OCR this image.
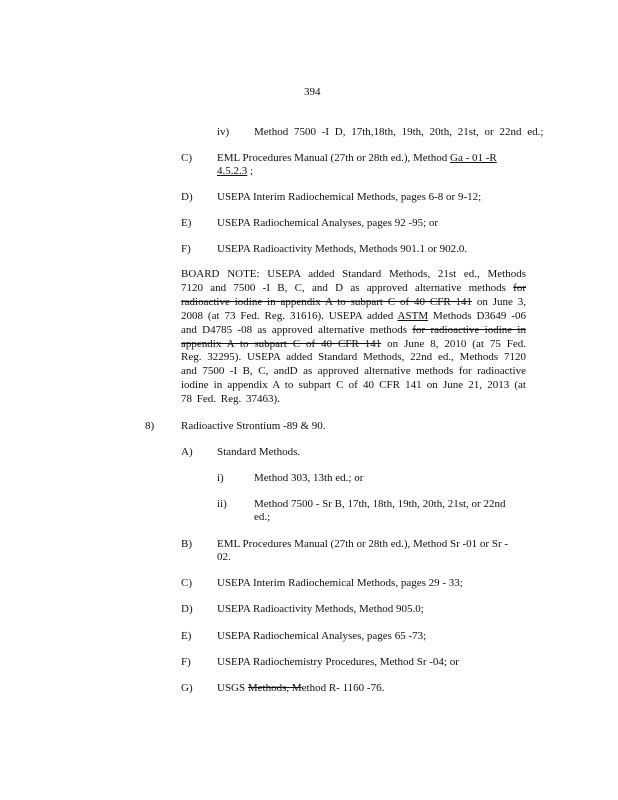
394
iv) Method 7500 -I D, 17th,18th, 19th, 20th, 21st, or 22nd ed.;
C) EML Procedures Manual (27th or 28th ed.), Method Ga - 01 -R
4.5.2.3 ;
D) USEPA Interim Radiochemical Methods, pages 6-8 or 9-12;
E) USEPA Radiochemical Analyses, pages 92 -95; or
F) USEPA Radioactivity Methods, Methods 901.1 or 902.0.
BOARD NOTE: USEPA added Standard Methods, 21st ed., Methods 7120 and 7500 -I B, C, and D as approved alternative methods for radioactive iodine in appendix A to subpart C of 40 CFR 141 on June 3, 2008 (at 73 Fed. Reg. 31616). USEPA added ASTM Methods D3649 -06 and D4785 -08 as approved alternative methods for radioactive iodine in appendix A to subpart C of 40 CFR 141 on June 8, 2010 (at 75 Fed. Reg. 32295). USEPA added Standard Methods, 22nd ed., Methods 7120 and 7500 -I B, C, andD as approved alternative methods for radioactive iodine in appendix A to subpart C of 40 CFR 141 on June 21, 2013 (at 78 Fed. Reg. 37463).
8) Radioactive Strontium -89 & 90.
A) Standard Methods.
i)	Method 303, 13th ed.; or
ii) Method 7500 - Sr B, 17th, 18th, 19th, 20th, 21st, or 22nd
ed.;
B) EML Procedures Manual (27th or 28th ed.), Method Sr -01 or Sr -
02.
C) USEPA Interim Radiochemical Methods, pages 29 - 33;
D) USEPA Radioactivity Methods, Method 905.0;
E) USEPA Radiochemical Analyses, pages 65 -73;
F) USEPA Radiochemistry Procedures, Method Sr -04; or
G) USGS Methods, Method R- 1160 -76.
